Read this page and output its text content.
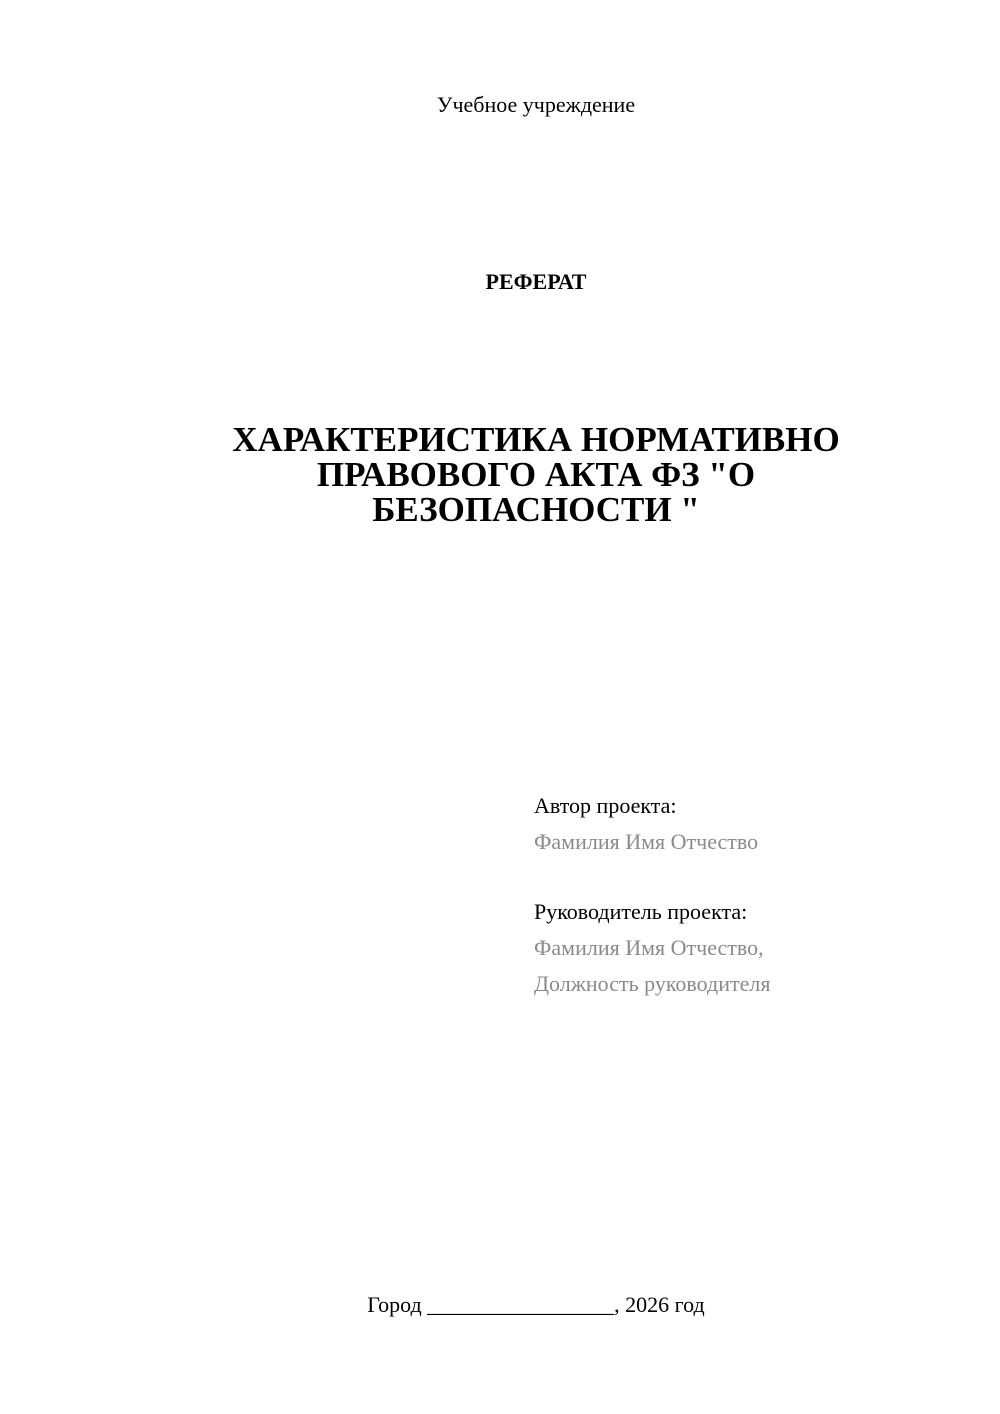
Учебное учреждение
РЕФЕРАТ
ХАРАКТЕРИСТИКА НОРМАТИВНО
ПРАВОВОГО АКТА ФЗ "О
БЕЗОПАСНОСТИ "
Автор проекта:
Фамилия Имя Отчество
Руководитель проекта:
Фамилия Имя Отчество,
Должность руководителя
Город _________________, 2026 год
